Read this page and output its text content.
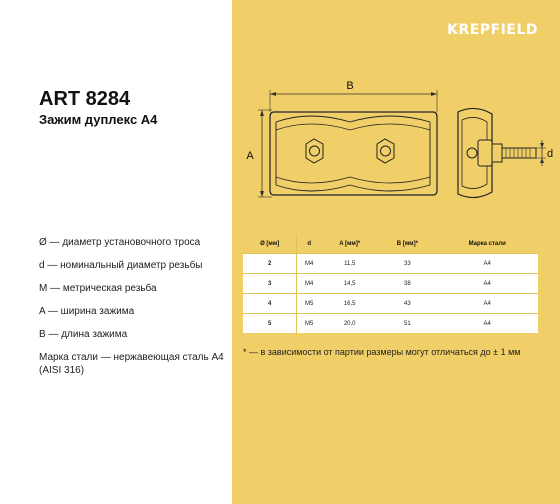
KREPFIELD
ART 8284
Зажим дуплекс А4
B
A	d
Ø — диаметр установочного троса
d — номинальный диаметр резьбы
M — метрическая резьба
A — ширина зажима
B — длина зажима
Марка стали — нержавеющая сталь А4 (AISI 316)
Ø [мм]	d	A [мм]*	B [мм]*	Марка стали
2	M4	11,5	33	A4
3	M4	14,5	38	A4
4	M5	16,5	43	A4
5	M5	20,0	51	A4
* — в зависимости от партии размеры могут отличаться до ± 1 мм
